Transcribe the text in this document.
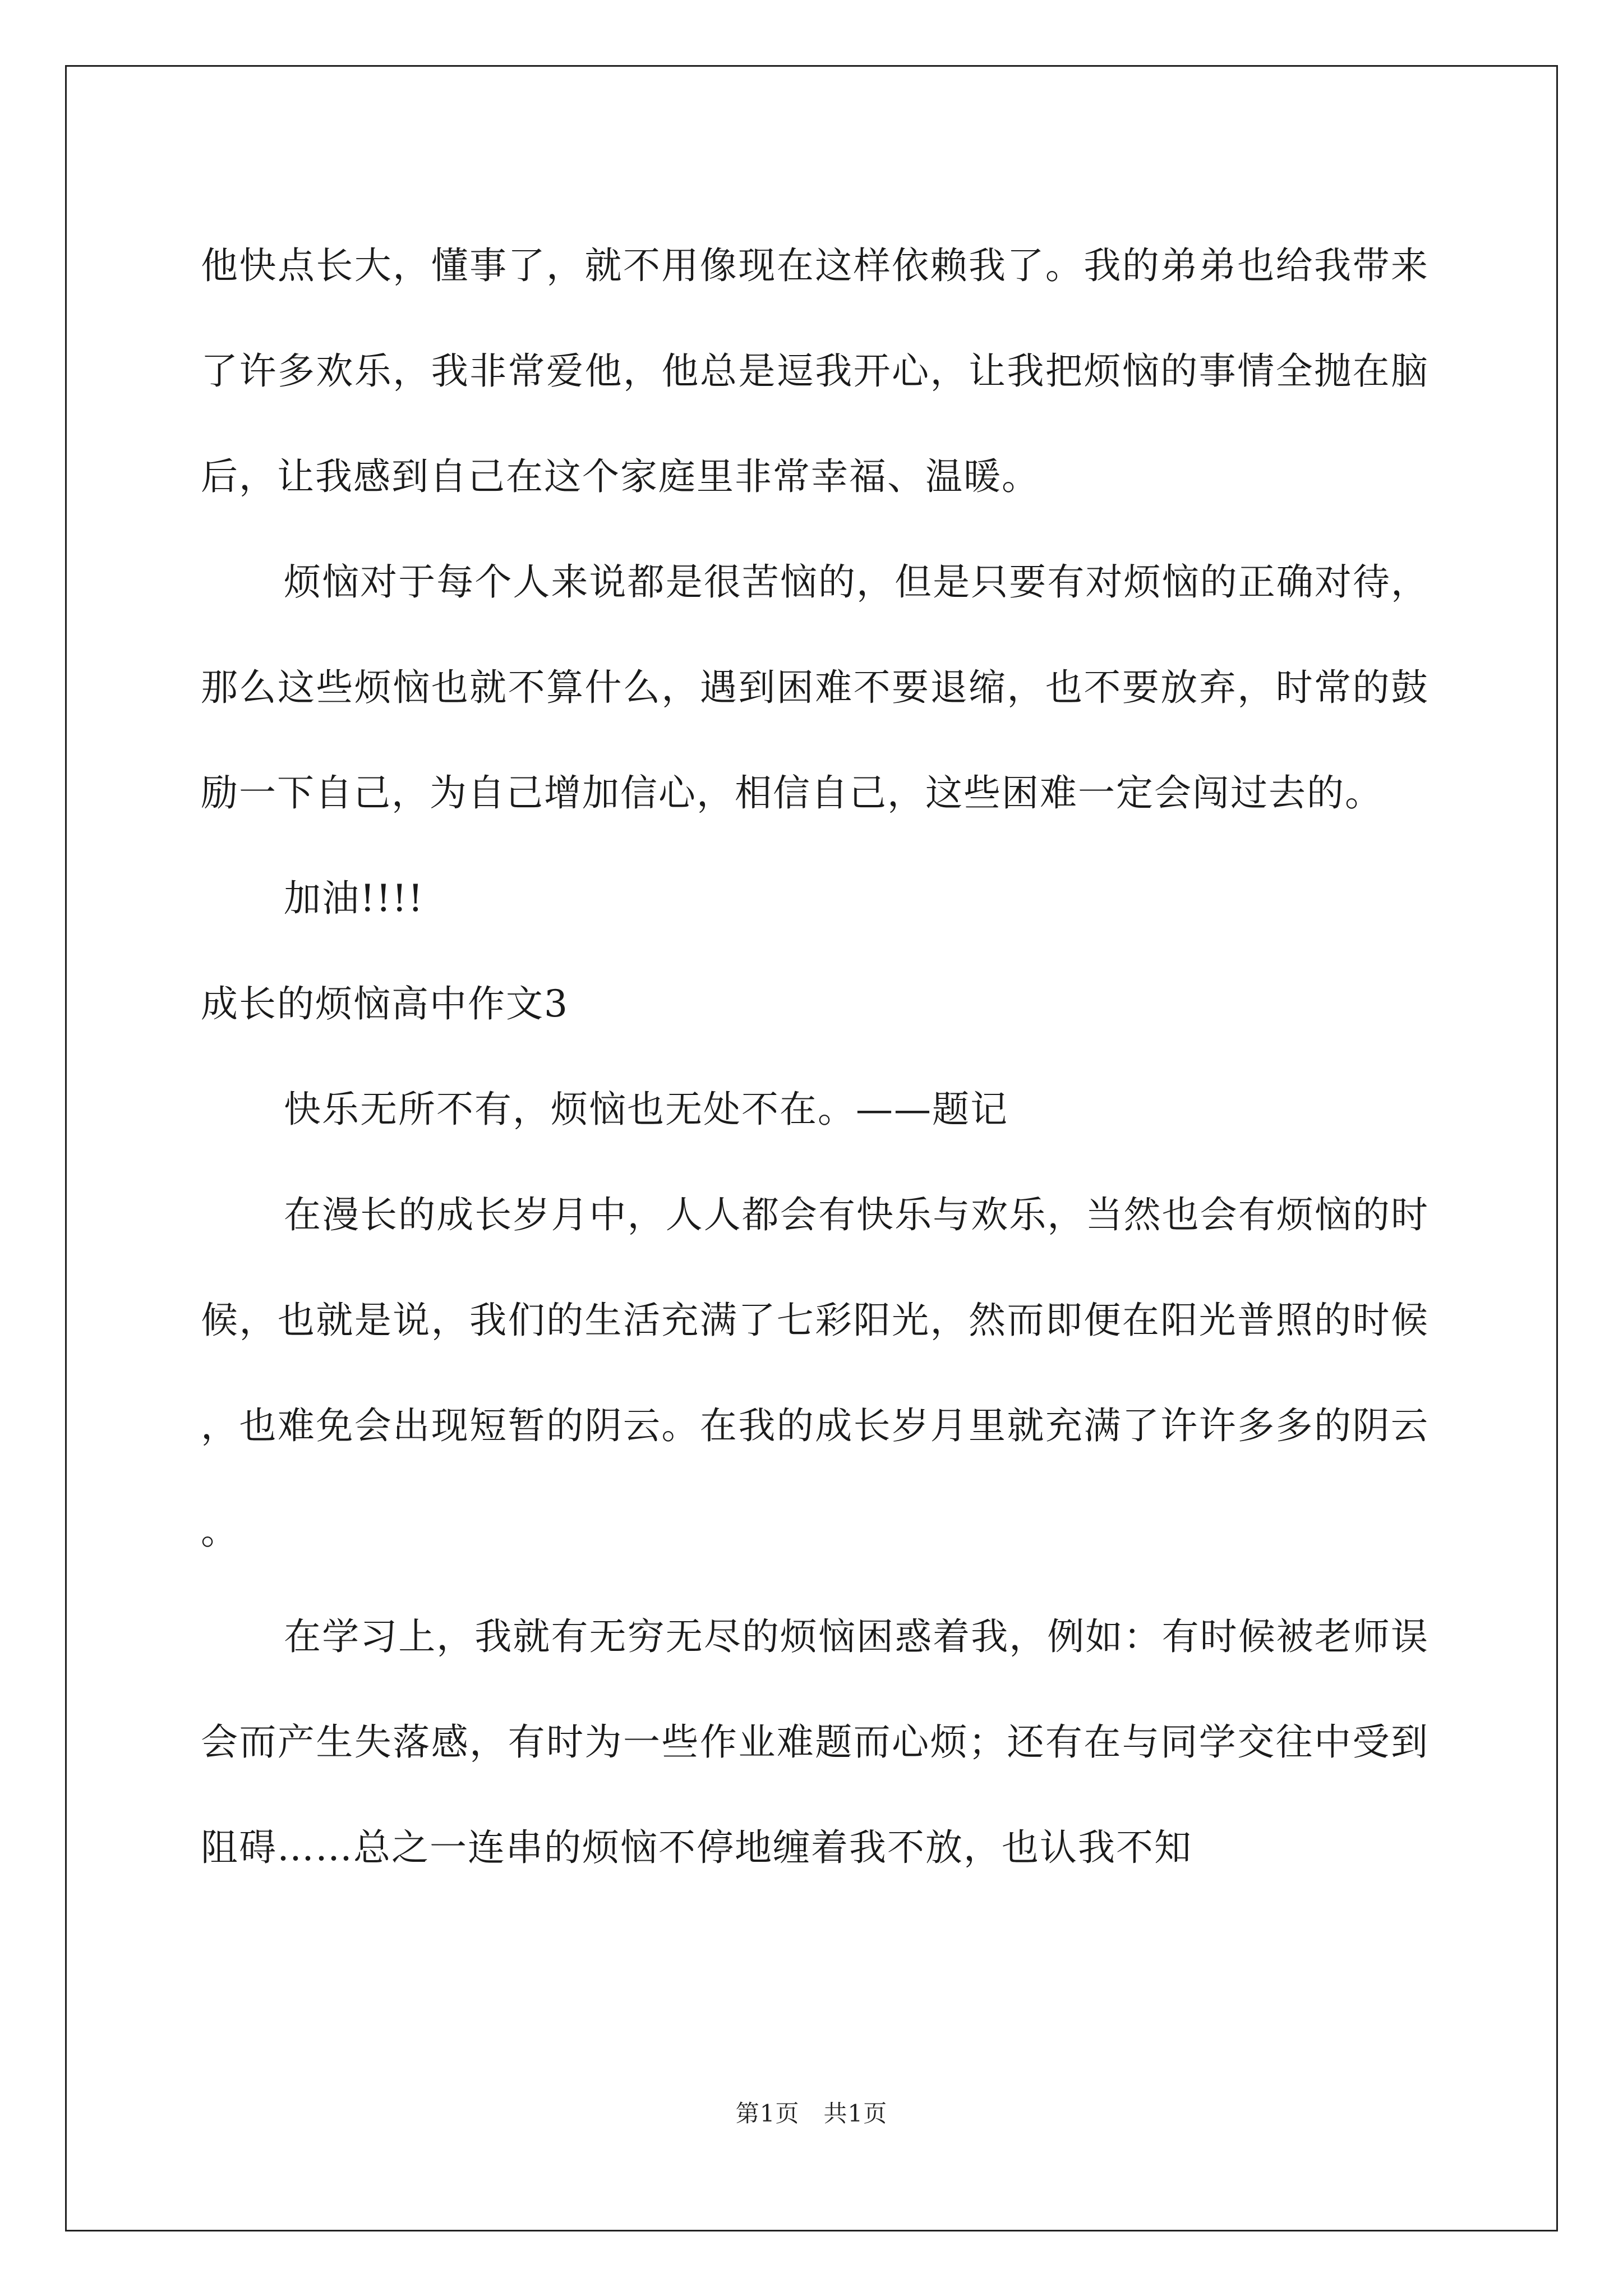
他快点长大，懂事了，就不用像现在这样依赖我了。我的弟弟也给我带来了许多欢乐，我非常爱他，他总是逗我开心，让我把烦恼的事情全抛在脑后，让我感到自己在这个家庭里非常幸福、温暖。

烦恼对于每个人来说都是很苦恼的，但是只要有对烦恼的正确对待，那么这些烦恼也就不算什么，遇到困难不要退缩，也不要放弃，时常的鼓励一下自己，为自己增加信心，相信自己，这些困难一定会闯过去的。

加油!!!!

成长的烦恼高中作文3

快乐无所不有，烦恼也无处不在。——题记

在漫长的成长岁月中，人人都会有快乐与欢乐，当然也会有烦恼的时候，也就是说，我们的生活充满了七彩阳光，然而即便在阳光普照的时候，也难免会出现短暂的阴云。在我的成长岁月里就充满了许许多多的阴云。

在学习上，我就有无穷无尽的烦恼困惑着我，例如：有时候被老师误会而产生失落感，有时为一些作业难题而心烦；还有在与同学交往中受到阻碍……总之一连串的烦恼不停地缠着我不放，也认我不知

第1页　共1页
